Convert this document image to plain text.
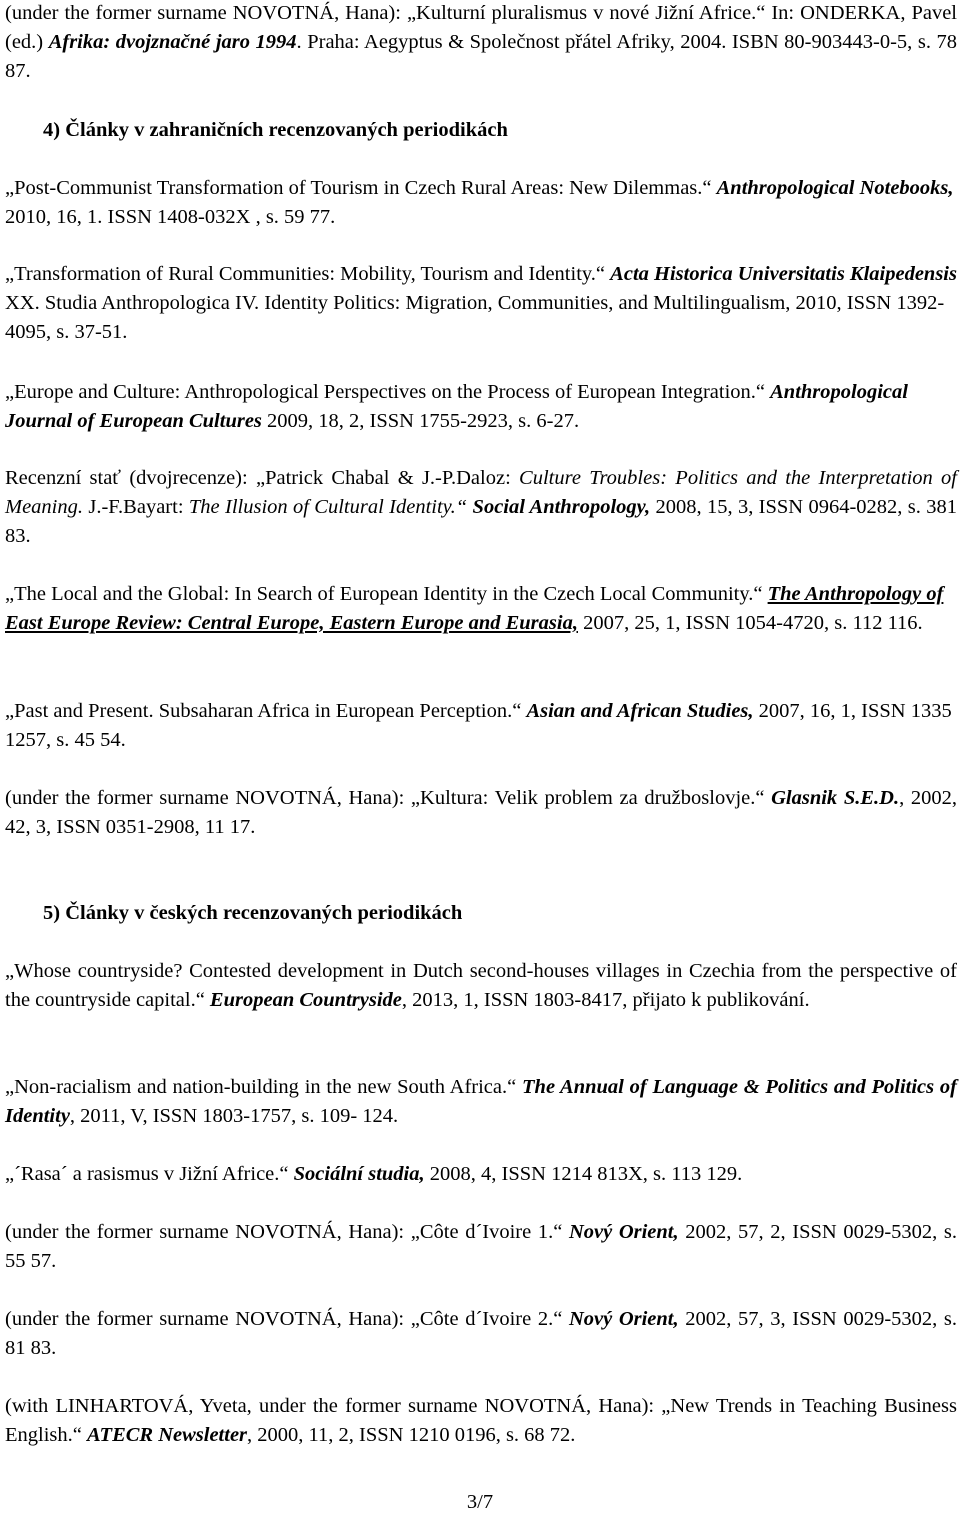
(under the former surname NOVOTNÁ, Hana): „Kulturní pluralismus v nové Jižní Africe.“ In: ONDERKA, Pavel (ed.) Afrika: dvojznačné jaro 1994. Praha: Aegyptus & Společnost přátel Afriky, 2004. ISBN 80-903443-0-5, s. 78 87.

4) Články v zahraničních recenzovaných periodikách

„Post-Communist Transformation of Tourism in Czech Rural Areas: New Dilemmas.“ Anthropological Notebooks, 2010, 16, 1. ISSN 1408-032X , s. 59 77.

„Transformation of Rural Communities: Mobility, Tourism and Identity.“ Acta Historica Universitatis Klaipedensis XX. Studia Anthropologica IV. Identity Politics: Migration, Communities, and Multilingualism, 2010, ISSN 1392-4095, s. 37-51.

„Europe and Culture: Anthropological Perspectives on the Process of European Integration.“ Anthropological Journal of European Cultures 2009, 18, 2, ISSN 1755-2923, s. 6-27.

Recenzní stať (dvojrecenze): „Patrick Chabal & J.-P.Daloz: Culture Troubles: Politics and the Interpretation of Meaning. J.-F.Bayart: The Illusion of Cultural Identity.“ Social Anthropology, 2008, 15, 3, ISSN 0964-0282, s. 381 83.

„The Local and the Global: In Search of European Identity in the Czech Local Community.“ The Anthropology of East Europe Review: Central Europe, Eastern Europe and Eurasia, 2007, 25, 1, ISSN 1054-4720, s. 112 116.

„Past and Present. Subsaharan Africa in European Perception.“ Asian and African Studies, 2007, 16, 1, ISSN 1335 1257, s. 45 54.

(under the former surname NOVOTNÁ, Hana): „Kultura: Velik problem za družboslovje.“ Glasnik S.E.D., 2002, 42, 3, ISSN 0351-2908, 11 17.

5) Články v českých recenzovaných periodikách

„Whose countryside? Contested development in Dutch second-houses villages in Czechia from the perspective of the countryside capital.“ European Countryside, 2013, 1, ISSN 1803-8417, přijato k publikování.

„Non-racialism and nation-building in the new South Africa.“ The Annual of Language & Politics and Politics of Identity, 2011, V, ISSN 1803-1757, s. 109- 124.

„´Rasa´ a rasismus v Jižní Africe.“ Sociální studia, 2008, 4, ISSN 1214 813X, s. 113 129.

(under the former surname NOVOTNÁ, Hana): „Côte d´Ivoire 1.“ Nový Orient, 2002, 57, 2, ISSN 0029-5302, s. 55 57.

(under the former surname NOVOTNÁ, Hana): „Côte d´Ivoire 2.“ Nový Orient, 2002, 57, 3, ISSN 0029-5302, s. 81 83.

(with LINHARTOVÁ, Yveta, under the former surname NOVOTNÁ, Hana): „New Trends in Teaching Business English.“ ATECR Newsletter, 2000, 11, 2, ISSN 1210 0196, s. 68 72.

3/7
